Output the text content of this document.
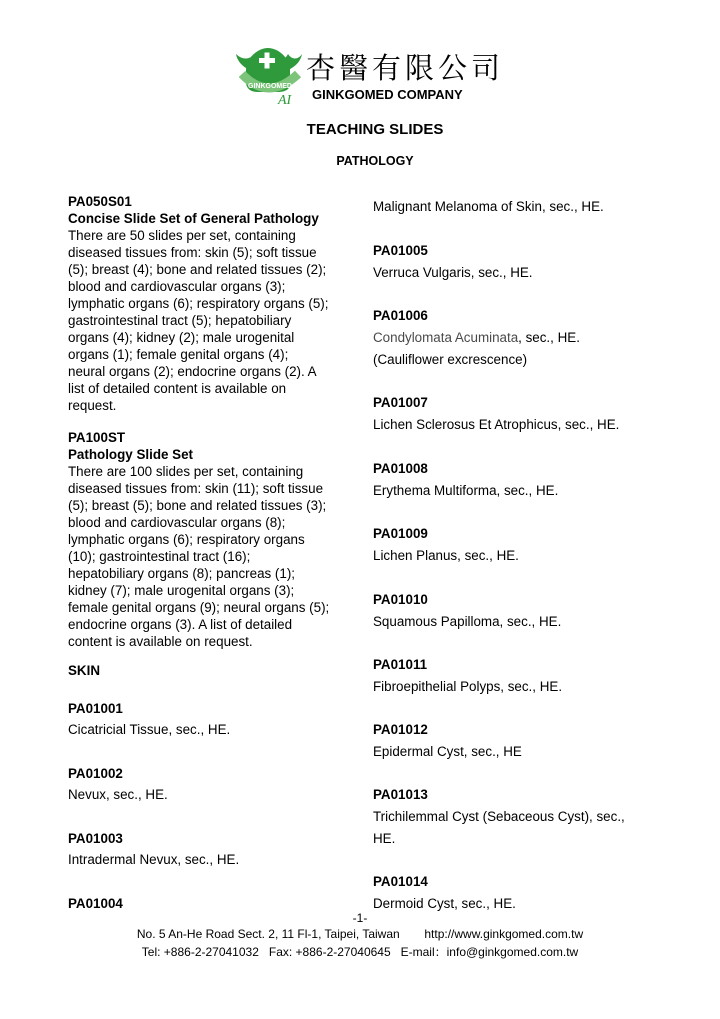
GINKGOMED
AI
杏醫有限公司
GINKGOMED COMPANY
TEACHING SLIDES
PATHOLOGY
PA050S01
Concise Slide Set of General Pathology
There are 50 slides per set, containing
diseased tissues from: skin (5); soft tissue
(5); breast (4); bone and related tissues (2);
blood and cardiovascular organs (3);
lymphatic organs (6); respiratory organs (5);
gastrointestinal tract (5); hepatobiliary
organs (4); kidney (2); male urogenital
organs (1); female genital organs (4);
neural organs (2); endocrine organs (2). A
list of detailed content is available on
request.
PA100ST
Pathology Slide Set
There are 100 slides per set, containing
diseased tissues from: skin (11); soft tissue
(5); breast (5); bone and related tissues (3);
blood and cardiovascular organs (8);
lymphatic organs (6); respiratory organs
(10); gastrointestinal tract (16);
hepatobiliary organs (8); pancreas (1);
kidney (7); male urogenital organs (3);
female genital organs (9); neural organs (5);
endocrine organs (3). A list of detailed
content is available on request.
SKIN
PA01001
Cicatricial Tissue, sec., HE.
PA01002
Nevux, sec., HE.
PA01003
Intradermal Nevux, sec., HE.
PA01004
Malignant Melanoma of Skin, sec., HE.
PA01005
Verruca Vulgaris, sec., HE.
PA01006
Condylomata Acuminata, sec., HE.
(Cauliflower excrescence)
PA01007
Lichen Sclerosus Et Atrophicus, sec., HE.
PA01008
Erythema Multiforma, sec., HE.
PA01009
Lichen Planus, sec., HE.
PA01010
Squamous Papilloma, sec., HE.
PA01011
Fibroepithelial Polyps, sec., HE.
PA01012
Epidermal Cyst, sec., HE
PA01013
Trichilemmal Cyst (Sebaceous Cyst), sec.,
HE.
PA01014
Dermoid Cyst, sec., HE.
-1-
No. 5 An-He Road Sect. 2, 11 Fl-1, Taipei, Taiwan http://www.ginkgomed.com.tw
Tel: +886-2-27041032   Fax: +886-2-27040645   E-mail：info@ginkgomed.com.tw
